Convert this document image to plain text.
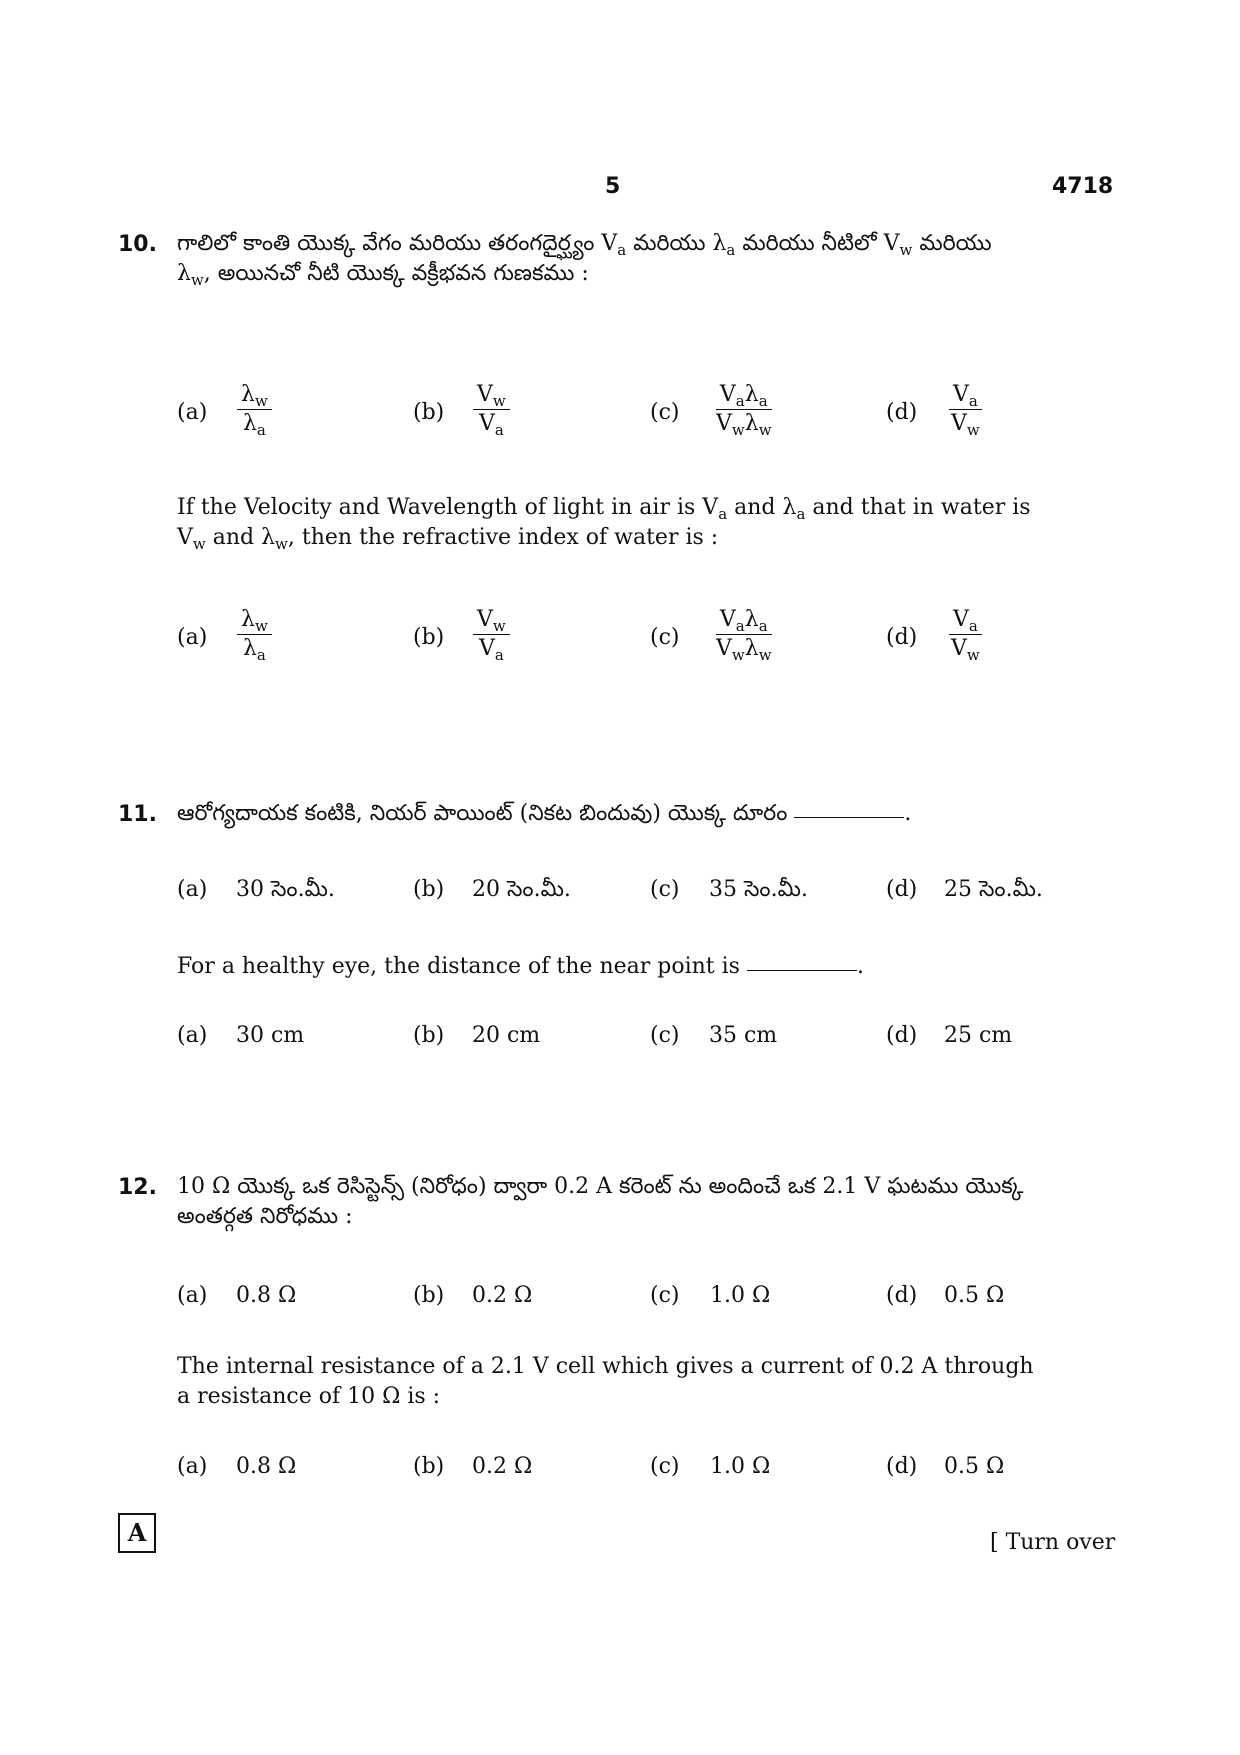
5	4718
10. గాలిలో కాంతి యొక్క వేగం మరియు తరంగదైర్ఘ్యం $V_a$ మరియు $\lambda_a$ మరియు నీటిలో $V_w$ మరియు
$\lambda_w$, అయినచో నీటి యొక్క వక్రీభవన గుణకము :
$(a) \frac{\lambda_w}{\lambda_a}$	$(b) \frac{V_w}{V_a}$	(c)
$V_a\lambda_a$
$V_w\lambda_w$
$(d) \frac{V_a}{V_w}$
If the Velocity and Wavelength of light in air is $V_a$ and $\lambda_a$ and that in water is
$V_w$ and $\lambda_w$, then the refractive index of water is :
$(a) \frac{\lambda_w}{\lambda_a}$	$(b) \frac{V_w}{V_a}$	(c)
$V_a\lambda_a$
$V_w\lambda_w$
$(d) \frac{V_a}{V_w}$
11. ఆరోగ్యదాయక కంటికి, నియర్ పాయింట్ (నికట బిందువు) యొక్క దూరం	.
(a) 30 సెం.మీ.	(b) 20 సెం.మీ.	(c) 35 సెం.మీ.	(d) 25 సెం.మీ.
For a healthy eye, the distance of the near point is	.
(a) 30 cm	(b) 20 cm	(c) 35 cm	(d) 25 cm
12. 10 Ω యొక్క ఒక రెసిస్టెన్స్ (నిరోధం) ద్వారా 0.2 A కరెంట్ ను అందించే ఒక 2.1 V ఘటము యొక్క
అంతర్గత నిరోధము :
(a) 0.8 Ω	(b) 0.2 Ω	(c) 1.0 Ω	(d) 0.5 Ω
The internal resistance of a 2.1 V cell which gives a current of 0.2 A through
a resistance of 10 Ω is :
(a) 0.8 Ω	(b) 0.2 Ω	(c) 1.0 Ω	(d) 0.5 Ω
A	[ Turn over
